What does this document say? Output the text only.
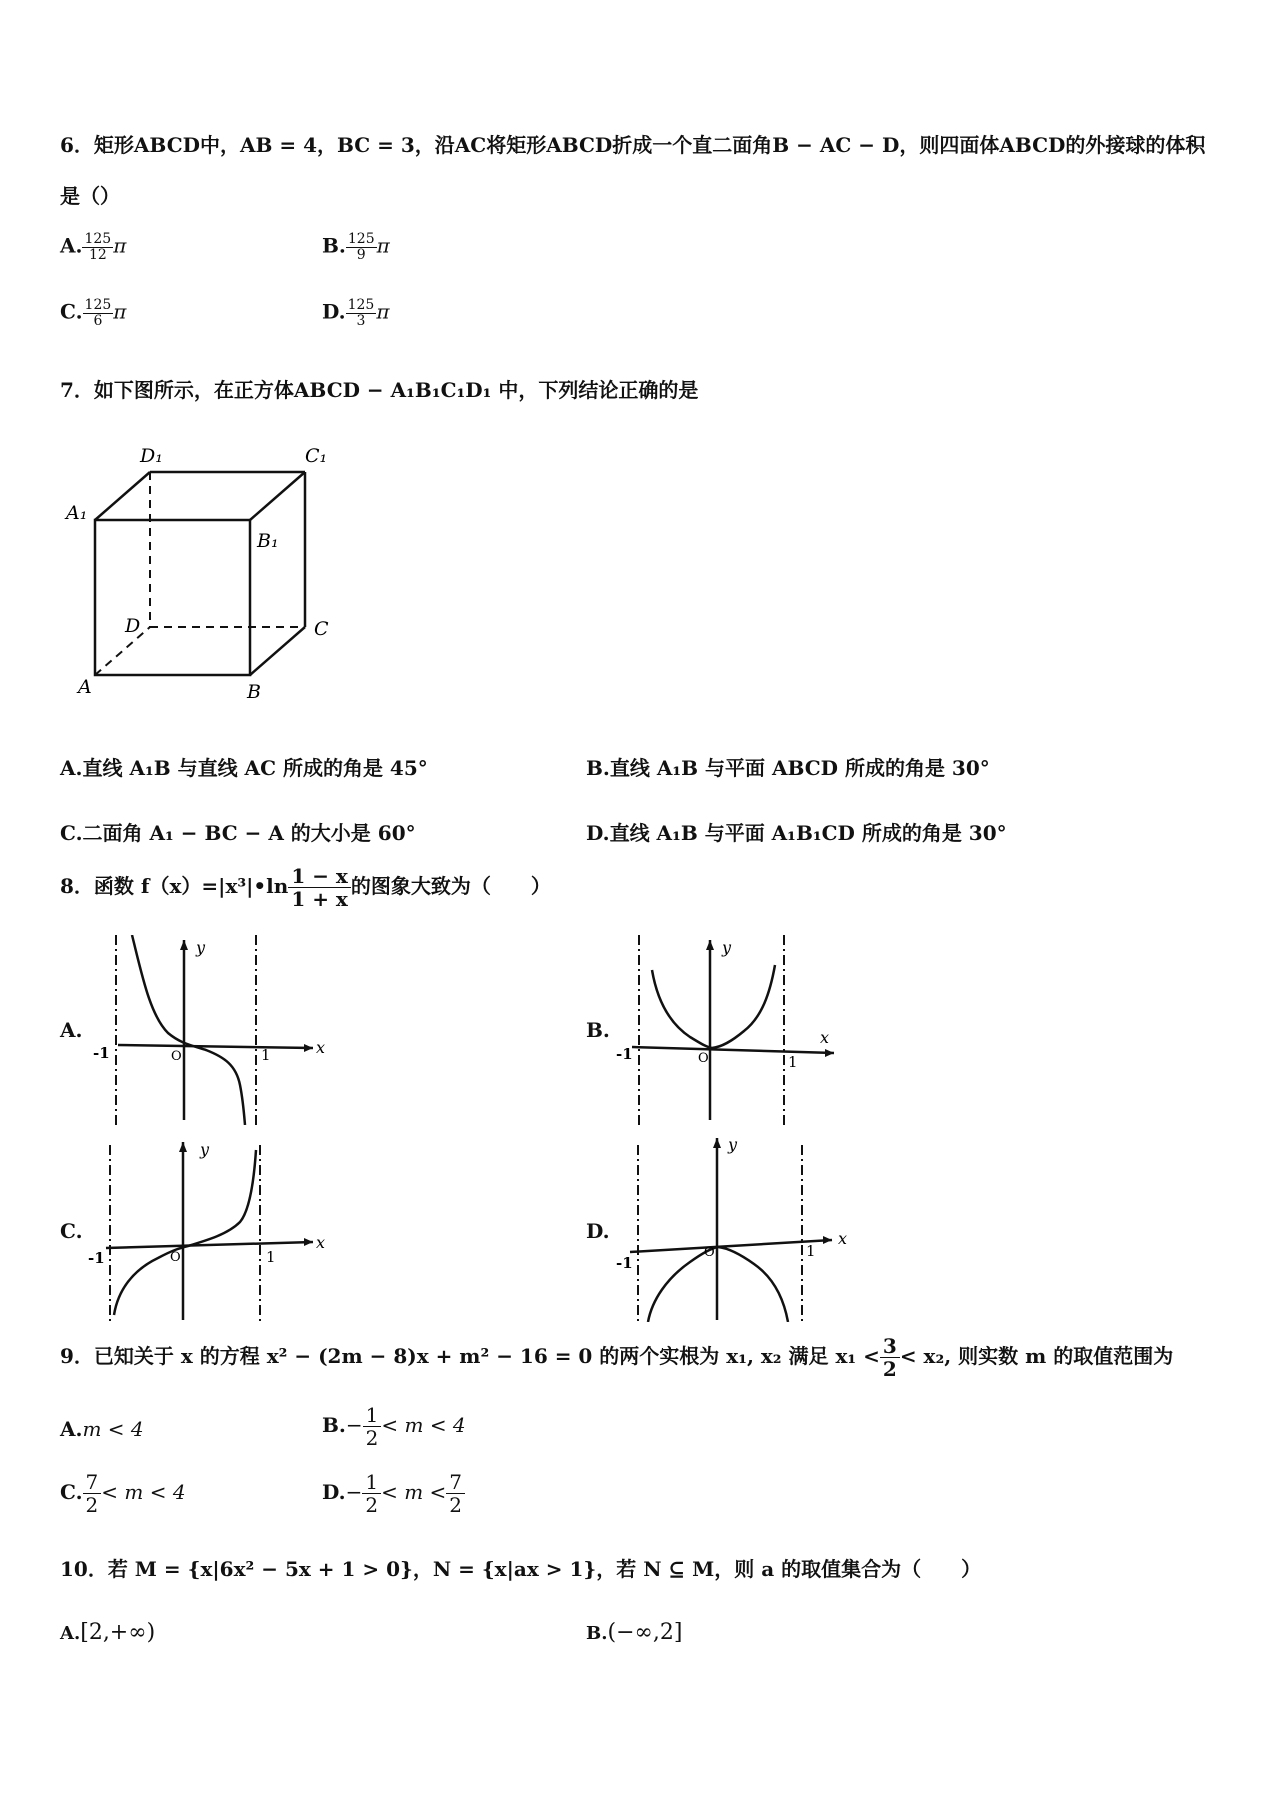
6．矩形ABCD中，AB = 4，BC = 3，沿AC将矩形ABCD折成一个直二面角B − AC − D，则四面体ABCD的外接球的体积
是（）
A. $\frac{125}{12}$ π	B. $\frac{125}{9}$ π
C. $\frac{125}{6}$ π	D. $\frac{125}{3}$ π
7．如下图所示，在正方体ABCD − A₁B₁C₁D₁ 中，下列结论正确的是
D₁	C₁
A₁
B₁
D	C
A	B
A.直线 A₁B 与直线 AC 所成的角是 45°	B.直线 A₁B 与平面 ABCD 所成的角是 30°
C.二面角 A₁ − BC − A 的大小是 60°	D.直线 A₁B 与平面 A₁B₁CD 所成的角是 30°
8．函数 f（x）=|x³|•ln $\frac{1 - x}{1 + x}$ 的图象大致为（　　）
A.
-1	O	1
y
x
B.
-1	O	1
y
x
C.
-1	O	1
y
x	D.
-1
O	1
y
x
9．已知关于 x 的方程 x² − (2m − 8)x + m² − 16 = 0 的两个实根为 x₁, x₂ 满足 $x_1 < \frac{3}{2} < x_2$, 则实数 m 的取值范围为
A.m < 4	$B.- \frac{1}{2} < m < 4$
C. $\frac{7}{2} < m < 4$	$D.- \frac{1}{2} < m < \frac{7}{2}$
10．若 M = {x|6x² − 5x + 1 > 0}，N = {x|ax > 1}，若 N ⊆ M，则 a 的取值集合为（　　）
A.[2,+∞)	B.(−∞,2]
